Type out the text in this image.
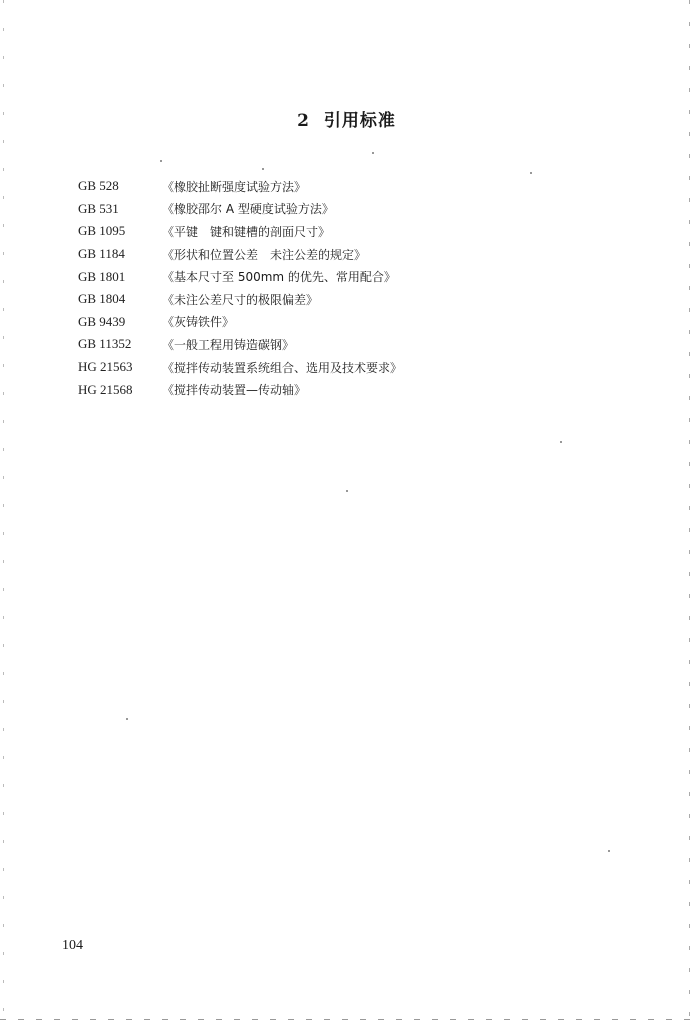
2 引用标准
GB 528	《橡胶扯断强度试验方法》
GB 531	《橡胶邵尔 A 型硬度试验方法》
GB 1095	《平键　键和键槽的剖面尺寸》
GB 1184	《形状和位置公差　未注公差的规定》
GB 1801	《基本尺寸至 500mm 的优先、常用配合》
GB 1804	《未注公差尺寸的极限偏差》
GB 9439	《灰铸铁件》
GB 11352	《一般工程用铸造碳钢》
HG 21563	《搅拌传动装置系统组合、选用及技术要求》
HG 21568	《搅拌传动装置—传动轴》
104
